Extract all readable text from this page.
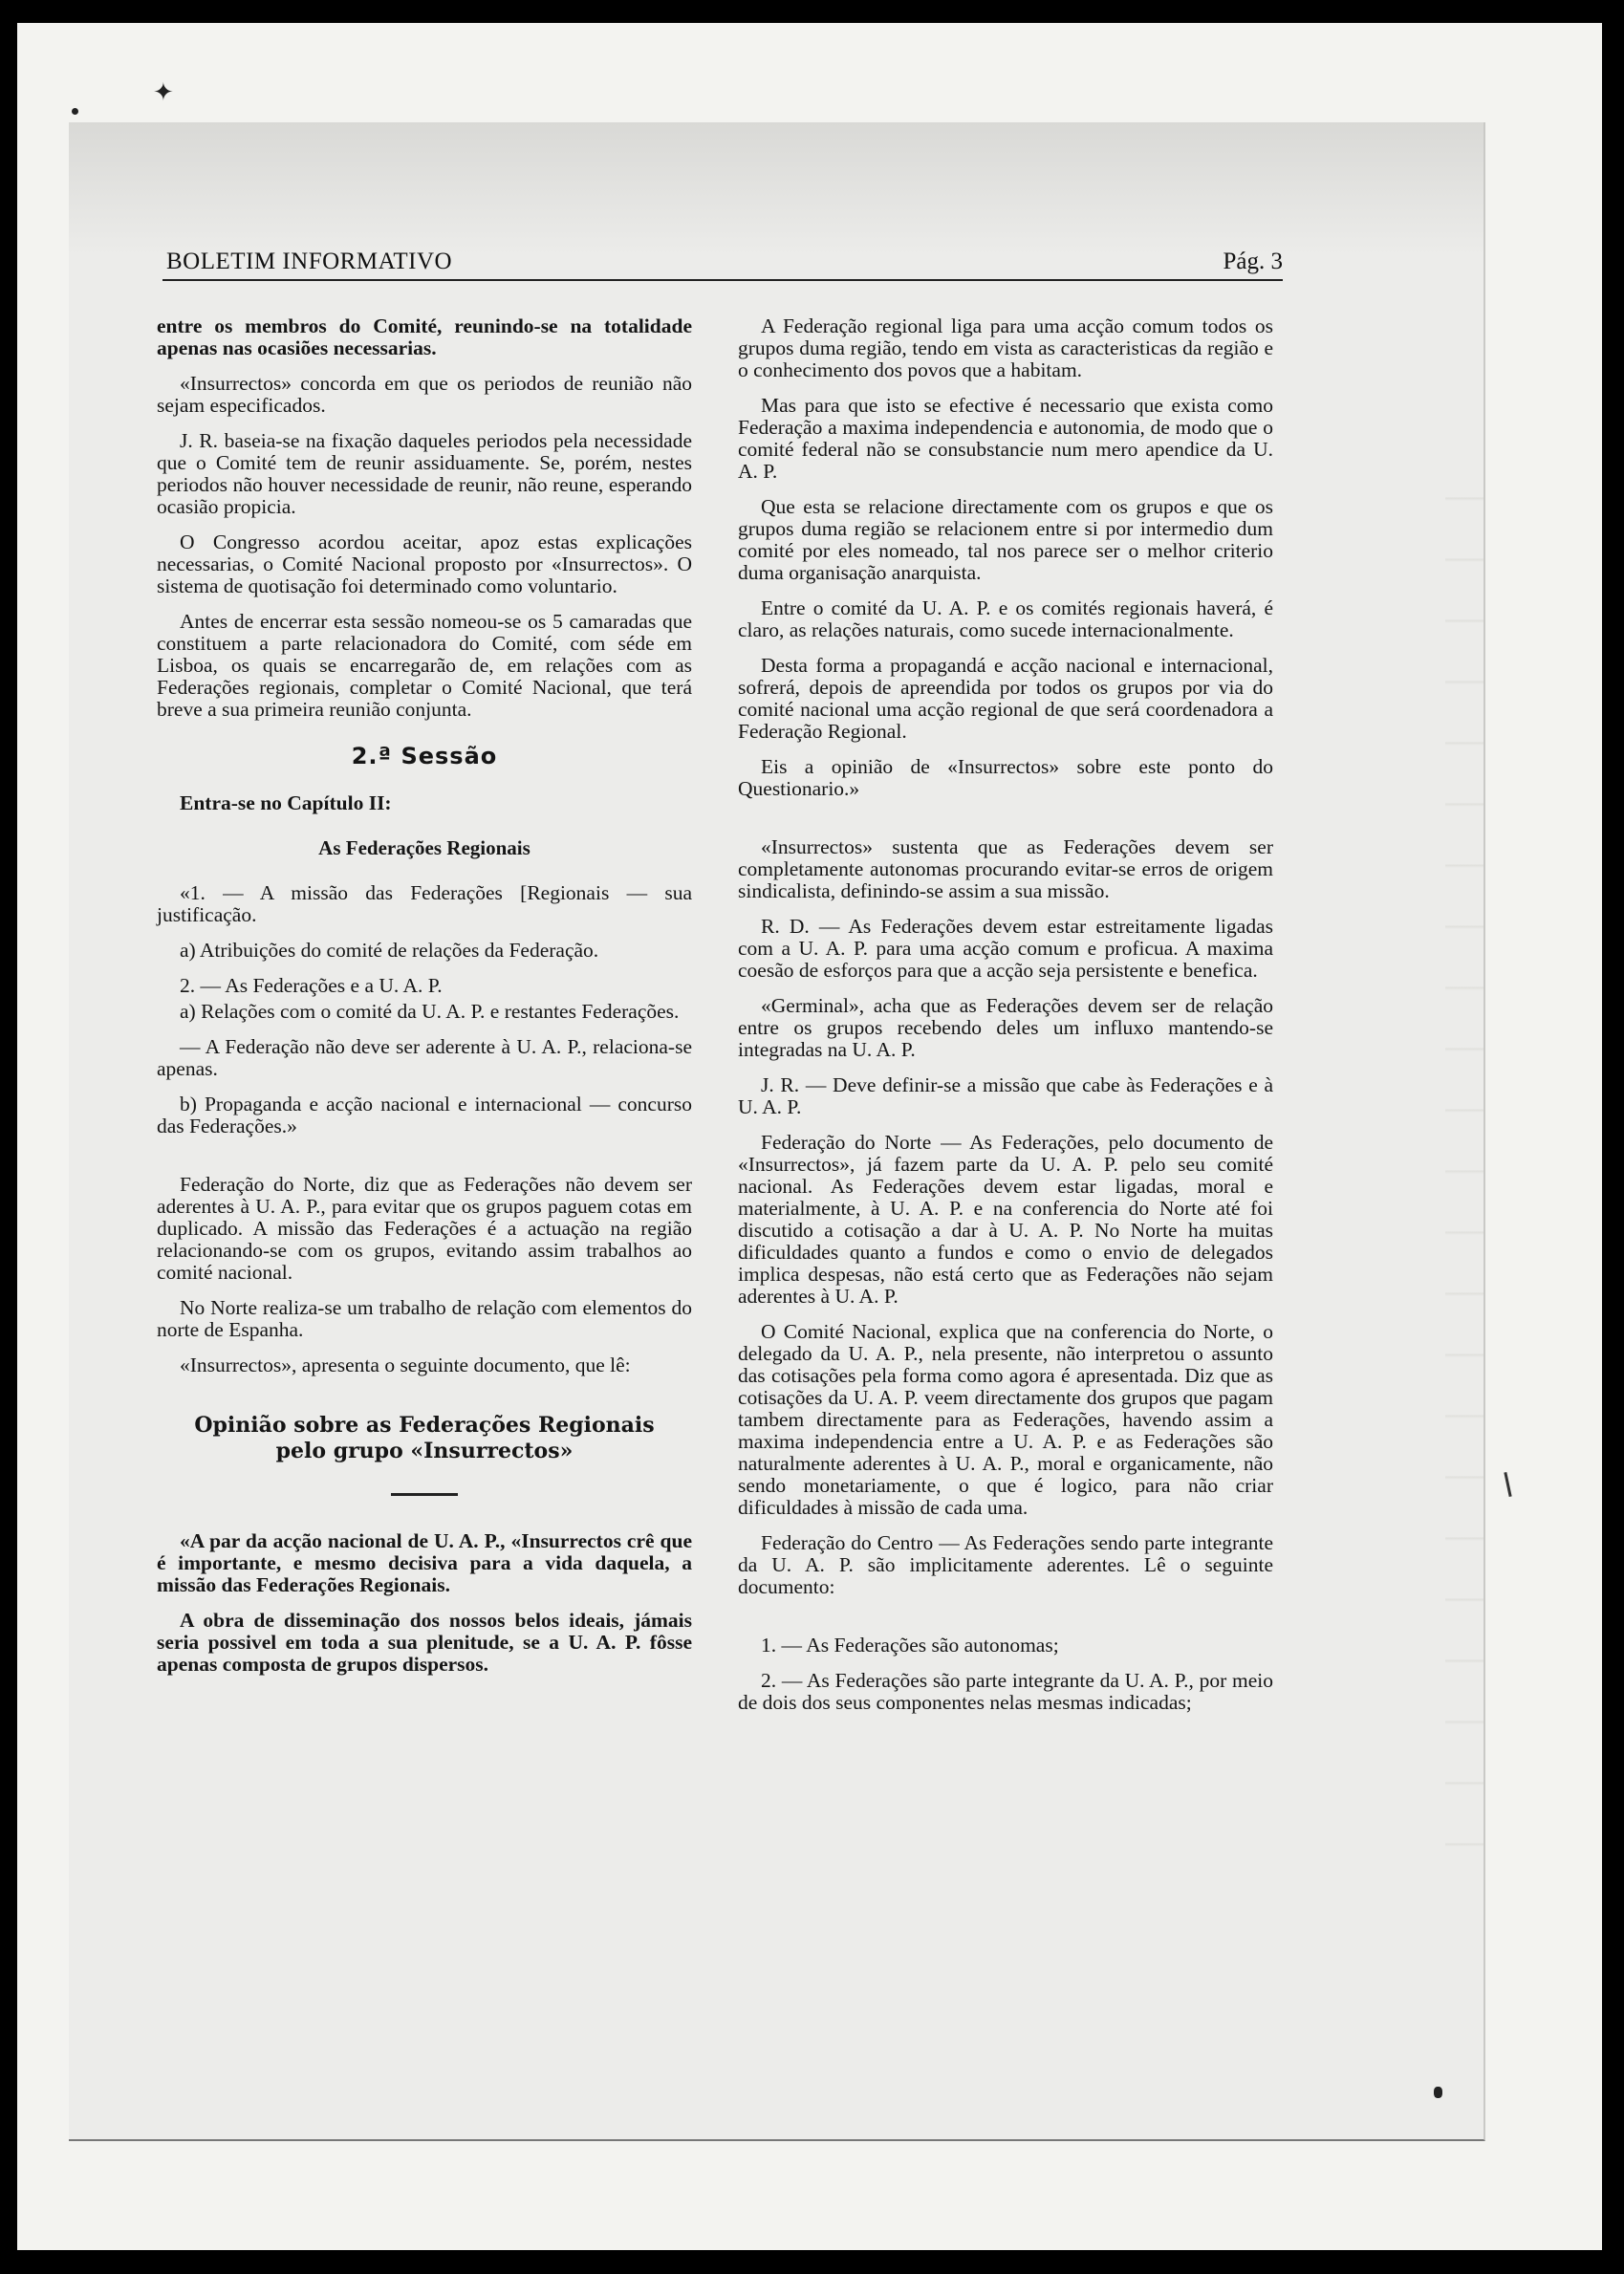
✦
BOLETIM INFORMATIVO	Pág. 3

entre os membros do Comité, reunindo-se na totalidade apenas nas ocasiões necessarias.

«Insurrectos» concorda em que os periodos de reunião não sejam especificados.

J. R. baseia-se na fixação daqueles periodos pela necessidade que o Comité tem de reunir assiduamente. Se, porém, nestes periodos não houver necessidade de reunir, não reune, esperando ocasião propicia.

O Congresso acordou aceitar, apoz estas explicações necessarias, o Comité Nacional proposto por «Insurrectos». O sistema de quotisação foi determinado como voluntario.

Antes de encerrar esta sessão nomeou-se os 5 camaradas que constituem a parte relacionadora do Comité, com séde em Lisboa, os quais se encarregarão de, em relações com as Federações regionais, completar o Comité Nacional, que terá breve a sua primeira reunião conjunta.

2.ª Sessão

Entra-se no Capítulo II:

As Federações Regionais

«1. — A missão das Federações [Regionais — sua justificação.

a) Atribuições do comité de relações da Federação.

2. — As Federações e a U. A. P.

a) Relações com o comité da U. A. P. e restantes Federações.

— A Federação não deve ser aderente à U. A. P., relaciona-se apenas.

b) Propaganda e acção nacional e internacional — concurso das Federações.»

Federação do Norte, diz que as Federações não devem ser aderentes à U. A. P., para evitar que os grupos paguem cotas em duplicado. A missão das Federações é a actuação na região relacionando-se com os grupos, evitando assim trabalhos ao comité nacional.

No Norte realiza-se um trabalho de relação com elementos do norte de Espanha.

«Insurrectos», apresenta o seguinte documento, que lê:

Opinião sobre as Federações Regionais
pelo grupo «Insurrectos»

«A par da acção nacional de U. A. P., «Insurrectos crê que é importante, e mesmo decisiva para a vida daquela, a missão das Federações Regionais.

A obra de disseminação dos nossos belos ideais, jámais seria possivel em toda a sua plenitude, se a U. A. P. fôsse apenas composta de grupos dispersos.

A Federação regional liga para uma acção comum todos os grupos duma região, tendo em vista as caracteristicas da região e o conhecimento dos povos que a habitam.

Mas para que isto se efective é necessario que exista como Federação a maxima independencia e autonomia, de modo que o comité federal não se consubstancie num mero apendice da U. A. P.

Que esta se relacione directamente com os grupos e que os grupos duma região se relacionem entre si por intermedio dum comité por eles nomeado, tal nos parece ser o melhor criterio duma organisação anarquista.

Entre o comité da U. A. P. e os comités regionais haverá, é claro, as relações naturais, como sucede internacionalmente.

Desta forma a propagandá e acção nacional e internacional, sofrerá, depois de apreendida por todos os grupos por via do comité nacional uma acção regional de que será coordenadora a Federação Regional.

Eis a opinião de «Insurrectos» sobre este ponto do Questionario.»

«Insurrectos» sustenta que as Federações devem ser completamente autonomas procurando evitar-se erros de origem sindicalista, definindo-se assim a sua missão.

R. D. — As Federações devem estar estreitamente ligadas com a U. A. P. para uma acção comum e proficua. A maxima coesão de esforços para que a acção seja persistente e benefica.

«Germinal», acha que as Federações devem ser de relação entre os grupos recebendo deles um influxo mantendo-se integradas na U. A. P.

J. R. — Deve definir-se a missão que cabe às Federações e à U. A. P.

Federação do Norte — As Federações, pelo documento de «Insurrectos», já fazem parte da U. A. P. pelo seu comité nacional. As Federações devem estar ligadas, moral e materialmente, à U. A. P. e na conferencia do Norte até foi discutido a cotisação a dar à U. A. P. No Norte ha muitas dificuldades quanto a fundos e como o envio de delegados implica despesas, não está certo que as Federações não sejam aderentes à U. A. P.

O Comité Nacional, explica que na conferencia do Norte, o delegado da U. A. P., nela presente, não interpretou o assunto das cotisações pela forma como agora é apresentada. Diz que as cotisações da U. A. P. veem directamente dos grupos que pagam tambem directamente para as Federações, havendo assim a maxima independencia entre a U. A. P. e as Federações são naturalmente aderentes à U. A. P., moral e organicamente, não sendo monetariamente, o que é logico, para não criar dificuldades à missão de cada uma.

Federação do Centro — As Federações sendo parte integrante da U. A. P. são implicitamente aderentes. Lê o seguinte documento:

1. — As Federações são autonomas;

2. — As Federações são parte integrante da U. A. P., por meio de dois dos seus componentes nelas mesmas indicadas;
